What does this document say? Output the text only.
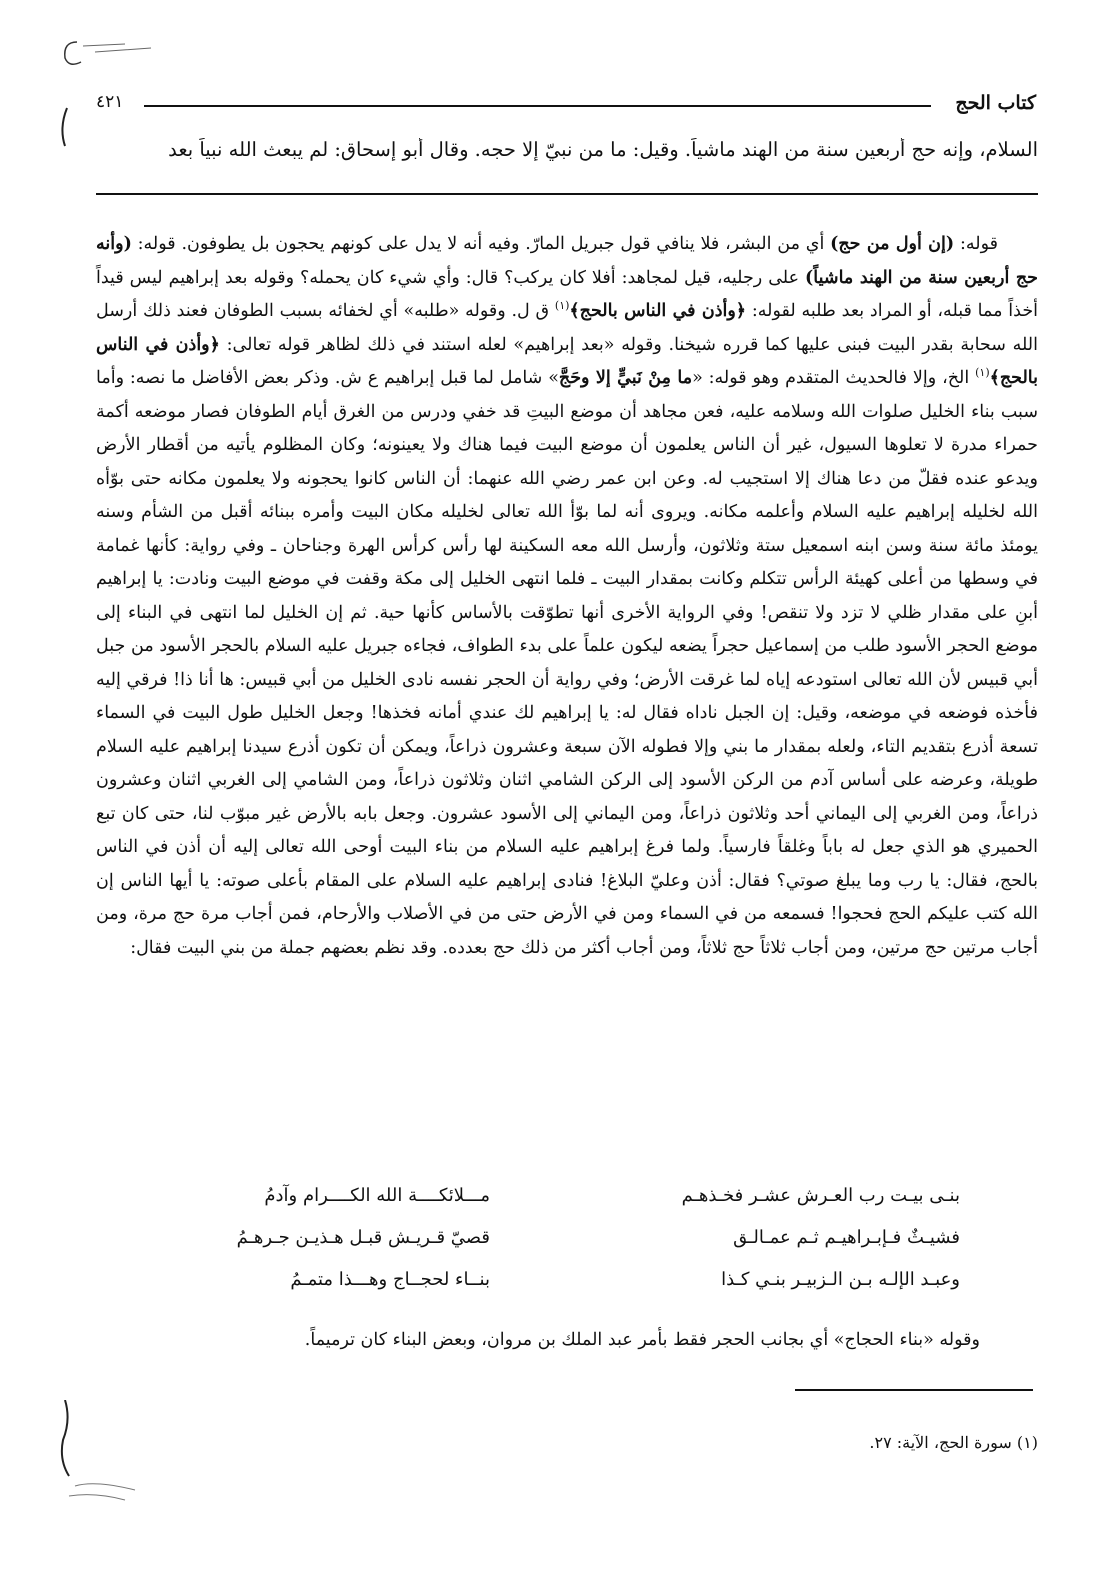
كتاب الحج
٤٢١
السلام، وإنه حج أربعين سنة من الهند ماشياً. وقيل: ما من نبيّ إلا حجه. وقال أبو إسحاق: لم يبعث الله نبياً بعد

قوله: (إن أول من حج) أي من البشر، فلا ينافي قول جبريل المارّ. وفيه أنه لا يدل على كونهم يحجون بل يطوفون. قوله: (وأنه حج أربعين سنة من الهند ماشياً) على رجليه، قيل لمجاهد: أفلا كان يركب؟ قال: وأي شيء كان يحمله؟ وقوله بعد إبراهيم ليس قيداً أخذاً مما قبله، أو المراد بعد طلبه لقوله: ﴿وأذن في الناس بالحج﴾$^{(١)}$ ق ل. وقوله «طلبه» أي لخفائه بسبب الطوفان فعند ذلك أرسل الله سحابة بقدر البيت فبنى عليها كما قرره شيخنا. وقوله «بعد إبراهيم» لعله استند في ذلك لظاهر قوله تعالى: ﴿وأذن في الناس بالحج﴾$^{(١)}$ الخ، وإلا فالحديث المتقدم وهو قوله: «ما مِنْ نَبيٍّ إلا وحَجَّ» شامل لما قبل إبراهيم ع ش. وذكر بعض الأفاضل ما نصه: وأما سبب بناء الخليل صلوات الله وسلامه عليه، فعن مجاهد أن موضع البيتِ قد خفي ودرس من الغرق أيام الطوفان فصار موضعه أكمة حمراء مدرة لا تعلوها السيول، غير أن الناس يعلمون أن موضع البيت فيما هناك ولا يعينونه؛ وكان المظلوم يأتيه من أقطار الأرض ويدعو عنده فقلّ من دعا هناك إلا استجيب له. وعن ابن عمر رضي الله عنهما: أن الناس كانوا يحجونه ولا يعلمون مكانه حتى بوّأه الله لخليله إبراهيم عليه السلام وأعلمه مكانه. ويروى أنه لما بوّأ الله تعالى لخليله مكان البيت وأمره ببنائه أقبل من الشأم وسنه يومئذ مائة سنة وسن ابنه اسمعيل ستة وثلاثون، وأرسل الله معه السكينة لها رأس كرأس الهرة وجناحان ـ وفي رواية: كأنها غمامة في وسطها من أعلى كهيئة الرأس تتكلم وكانت بمقدار البيت ـ فلما انتهى الخليل إلى مكة وقفت في موضع البيت ونادت: يا إبراهيم أبنِ على مقدار ظلي لا تزد ولا تنقص! وفي الرواية الأخرى أنها تطوّقت بالأساس كأنها حية. ثم إن الخليل لما انتهى في البناء إلى موضع الحجر الأسود طلب من إسماعيل حجراً يضعه ليكون علماً على بدء الطواف، فجاءه جبريل عليه السلام بالحجر الأسود من جبل أبي قبيس لأن الله تعالى استودعه إياه لما غرقت الأرض؛ وفي رواية أن الحجر نفسه نادى الخليل من أبي قبيس: ها أنا ذا! فرقي إليه فأخذه فوضعه في موضعه، وقيل: إن الجبل ناداه فقال له: يا إبراهيم لك عندي أمانه فخذها! وجعل الخليل طول البيت في السماء تسعة أذرع بتقديم التاء، ولعله بمقدار ما بني وإلا فطوله الآن سبعة وعشرون ذراعاً، ويمكن أن تكون أذرع سيدنا إبراهيم عليه السلام طويلة، وعرضه على أساس آدم من الركن الأسود إلى الركن الشامي اثنان وثلاثون ذراعاً، ومن الشامي إلى الغربي اثنان وعشرون ذراعاً، ومن الغربي إلى اليماني أحد وثلاثون ذراعاً، ومن اليماني إلى الأسود عشرون. وجعل بابه بالأرض غير مبوّب لنا، حتى كان تبع الحميري هو الذي جعل له باباً وغلقاً فارسياً. ولما فرغ إبراهيم عليه السلام من بناء البيت أوحى الله تعالى إليه أن أذن في الناس بالحج، فقال: يا رب وما يبلغ صوتي؟ فقال: أذن وعليّ البلاغ! فنادى إبراهيم عليه السلام على المقام بأعلى صوته: يا أيها الناس إن الله كتب عليكم الحج فحجوا! فسمعه من في السماء ومن في الأرض حتى من في الأصلاب والأرحام، فمن أجاب مرة حج مرة، ومن أجاب مرتين حج مرتين، ومن أجاب ثلاثاً حج ثلاثاً، ومن أجاب أكثر من ذلك حج بعدده. وقد نظم بعضهم جملة من بني البيت فقال:

بنـى بيـت رب العـرش عشـر فخـذهـم
مـــلائكــــة الله الكــــرام وآدمُ
فشيـثٌ فـإبـراهيـم ثـم عمـالـق
قصيّ قـريـش قبـل هـذيـن جـرهـمُ
وعبـد الإلـه بـن الـزبيـر بنـي كـذا
بنــاء لحجــاج وهـــذا متمـمُ
وقوله «بناء الحجاج» أي بجانب الحجر فقط بأمر عبد الملك بن مروان، وبعض البناء كان ترميماً.
(١) سورة الحج، الآية: ٢٧.
